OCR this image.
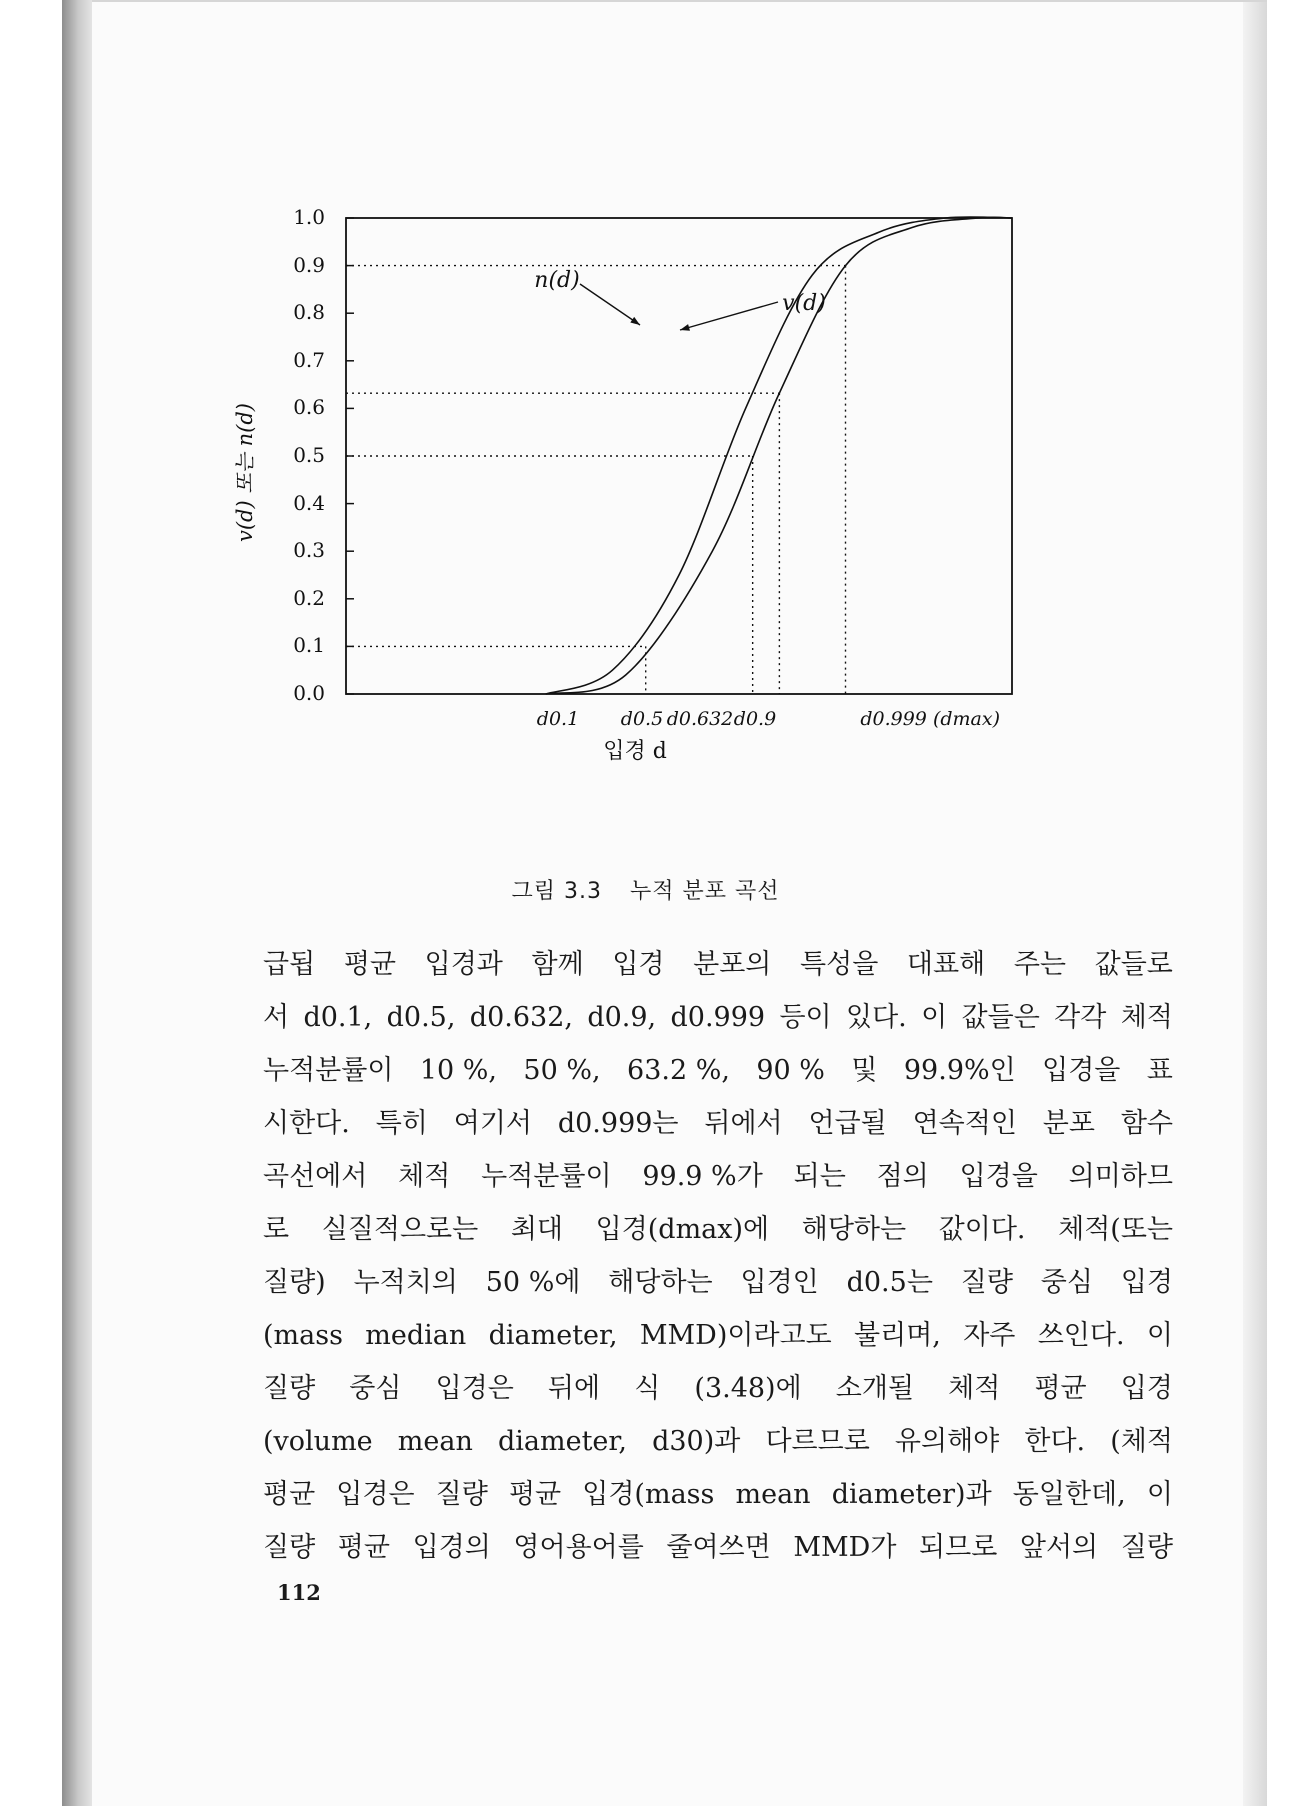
1.0
0.9
0.8
0.7
0.6
0.5
0.4
0.3
0.2
0.1
0.0
v(d) 또는 n(d)
d0.1 d0.5 d0.632 d0.9	d0.999 (dmax)
입경 d
n(d)
v(d)
그림 3.3 누적 분포 곡선
급됩 평균 입경과 함께 입경 분포의 특성을 대표해 주는 값들로
서 d0.1, d0.5, d0.632, d0.9, d0.999 등이 있다. 이 값들은 각각 체적
누적분률이 10 %, 50 %, 63.2 %, 90 % 및 99.9%인 입경을 표
시한다. 특히 여기서 d0.999는 뒤에서 언급될 연속적인 분포 함수
곡선에서 체적 누적분률이 99.9 %가 되는 점의 입경을 의미하므
로 실질적으로는 최대 입경(dmax)에 해당하는 값이다. 체적(또는
질량) 누적치의 50 %에 해당하는 입경인 d0.5는 질량 중심 입경
(mass median diameter, MMD)이라고도 불리며, 자주 쓰인다. 이
질량 중심 입경은 뒤에 식 (3.48)에 소개될 체적 평균 입경
(volume mean diameter, d30)과 다르므로 유의해야 한다. (체적
평균 입경은 질량 평균 입경(mass mean diameter)과 동일한데, 이
질량 평균 입경의 영어용어를 줄여쓰면 MMD가 되므로 앞서의 질량
112
